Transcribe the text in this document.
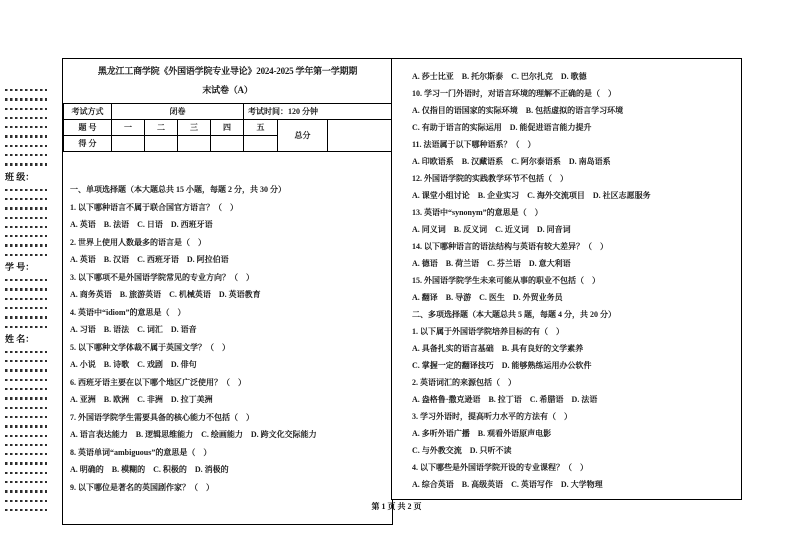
班 级：
学 号：
姓 名：
黑龙江工商学院《外国语学院专业导论》2024-2025 学年第一学期期
末试卷（A）
考试方式	闭卷				考试时间：120 分钟		
题 号	一	二	三	四	五	总分	
得 分							
一、单项选择题（本大题总共 15 小题，每题 2 分，共 30 分）
1. 以下哪种语言不属于联合国官方语言？（　）
A. 英语　B. 法语　C. 日语　D. 西班牙语
2. 世界上使用人数最多的语言是（　）
A. 英语　B. 汉语　C. 西班牙语　D. 阿拉伯语
3. 以下哪项不是外国语学院常见的专业方向？（　）
A. 商务英语　B. 旅游英语　C. 机械英语　D. 英语教育
4. 英语中“idiom”的意思是（　）
A. 习语　B. 语法　C. 词汇　D. 语音
5. 以下哪种文学体裁不属于英国文学？（　）
A. 小说　B. 诗歌　C. 戏剧　D. 俳句
6. 西班牙语主要在以下哪个地区广泛使用？（　）
A. 亚洲　B. 欧洲　C. 非洲　D. 拉丁美洲
7. 外国语学院学生需要具备的核心能力不包括（　）
A. 语言表达能力　B. 逻辑思维能力　C. 绘画能力　D. 跨文化交际能力
8. 英语单词“ambiguous”的意思是（　）
A. 明确的　B. 模糊的　C. 积极的　D. 消极的
9. 以下哪位是著名的英国剧作家？（　）
A. 莎士比亚　B. 托尔斯泰　C. 巴尔扎克　D. 歌德
10. 学习一门外语时，对语言环境的理解不正确的是（　）
A. 仅指目的语国家的实际环境　B. 包括虚拟的语言学习环境
C. 有助于语言的实际运用　D. 能促进语言能力提升
11. 法语属于以下哪种语系？（　）
A. 印欧语系　B. 汉藏语系　C. 阿尔泰语系　D. 南岛语系
12. 外国语学院的实践教学环节不包括（　）
A. 课堂小组讨论　B. 企业实习　C. 海外交流项目　D. 社区志愿服务
13. 英语中“synonym”的意思是（　）
A. 同义词　B. 反义词　C. 近义词　D. 同音词
14. 以下哪种语言的语法结构与英语有较大差异？（　）
A. 德语　B. 荷兰语　C. 芬兰语　D. 意大利语
15. 外国语学院学生未来可能从事的职业不包括（　）
A. 翻译　B. 导游　C. 医生　D. 外贸业务员
二、多项选择题（本大题总共 5 题，每题 4 分，共 20 分）
1. 以下属于外国语学院培养目标的有（　）
A. 具备扎实的语言基础　B. 具有良好的文学素养
C. 掌握一定的翻译技巧　D. 能够熟练运用办公软件
2. 英语词汇的来源包括（　）
A. 盎格鲁·撒克逊语　B. 拉丁语　C. 希腊语　D. 法语
3. 学习外语时，提高听力水平的方法有（　）
A. 多听外语广播　B. 观看外语原声电影
C. 与外教交流　D. 只听不读
4. 以下哪些是外国语学院开设的专业课程？（　）
A. 综合英语　B. 高级英语　C. 英语写作　D. 大学物理
第 1 页 共 2 页
